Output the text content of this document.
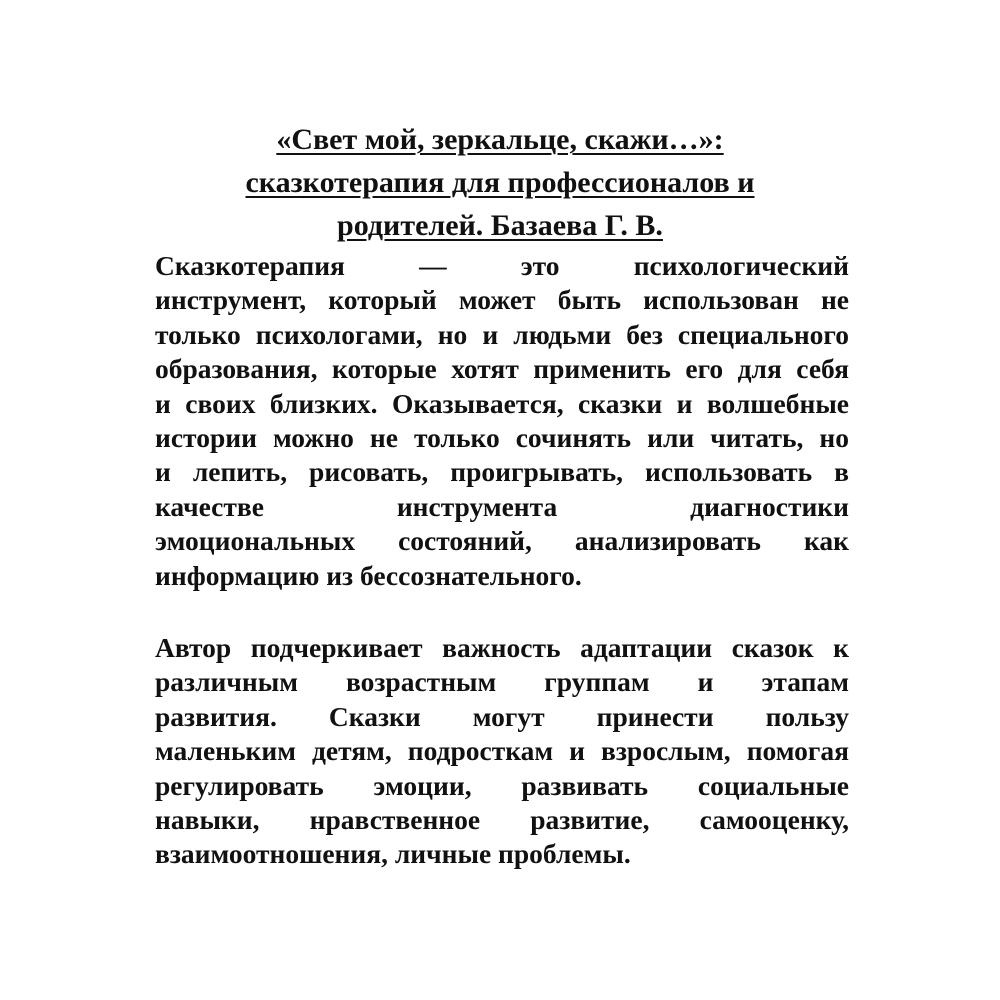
«Свет мой, зеркальце, скажи…»:
сказкотерапия для профессионалов и
родителей. Базаева Г. В.

Сказкотерапия — это психологический
инструмент, который может быть использован не
только психологами, но и людьми без специального
образования, которые хотят применить его для себя
и своих близких. Оказывается, сказки и волшебные
истории можно не только сочинять или читать, но
и лепить, рисовать, проигрывать, использовать в
качестве инструмента диагностики
эмоциональных состояний, анализировать как
информацию из бессознательного.

Автор подчеркивает важность адаптации сказок к
различным возрастным группам и этапам
развития. Сказки могут принести пользу
маленьким детям, подросткам и взрослым, помогая
регулировать эмоции, развивать социальные
навыки, нравственное развитие, самооценку,
взаимоотношения, личные проблемы.
